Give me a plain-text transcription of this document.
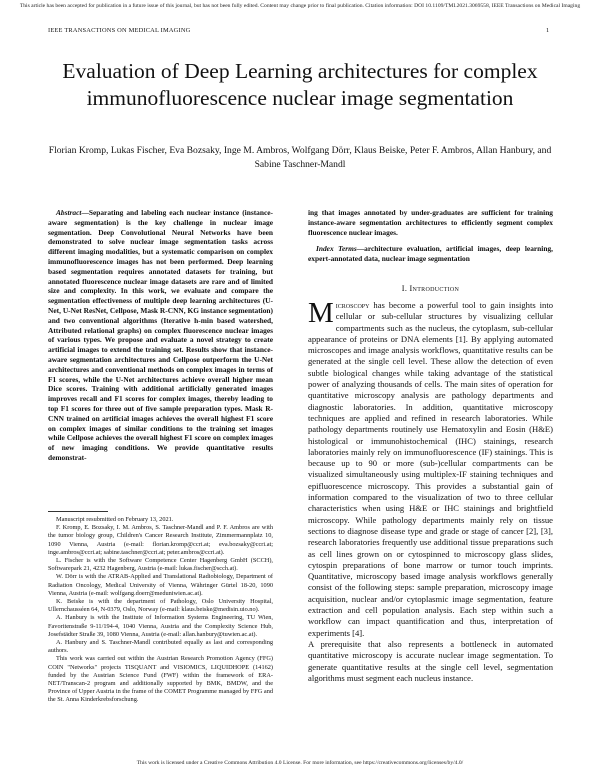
This article has been accepted for publication in a future issue of this journal, but has not been fully edited. Content may change prior to final publication. Citation information: DOI 10.1109/TMI.2021.3069558, IEEE Transactions on Medical Imaging
IEEE TRANSACTIONS ON MEDICAL IMAGING	1
Evaluation of Deep Learning architectures for complex immunofluorescence nuclear image segmentation
Florian Kromp, Lukas Fischer, Eva Bozsaky, Inge M. Ambros, Wolfgang Dörr, Klaus Beiske, Peter F. Ambros, Allan Hanbury, and Sabine Taschner-Mandl
Abstract—Separating and labeling each nuclear instance (instance-aware segmentation) is the key challenge in nuclear image segmentation. Deep Convolutional Neural Networks have been demonstrated to solve nuclear image segmentation tasks across different imaging modalities, but a systematic comparison on complex immunofluorescence images has not been performed. Deep learning based segmentation requires annotated datasets for training, but annotated fluorescence nuclear image datasets are rare and of limited size and complexity. In this work, we evaluate and compare the segmentation effectiveness of multiple deep learning architectures (U-Net, U-Net ResNet, Cellpose, Mask R-CNN, KG instance segmentation) and two conventional algorithms (Iterative h-min based watershed, Attributed relational graphs) on complex fluorescence nuclear images of various types. We propose and evaluate a novel strategy to create artificial images to extend the training set. Results show that instance-aware segmentation architectures and Cellpose outperform the U-Net architectures and conventional methods on complex images in terms of F1 scores, while the U-Net architectures achieve overall higher mean Dice scores. Training with additional artificially generated images improves recall and F1 scores for complex images, thereby leading to top F1 scores for three out of five sample preparation types. Mask R-CNN trained on artificial images achieves the overall highest F1 score on complex images of similar conditions to the training set images while Cellpose achieves the overall highest F1 score on complex images of new imaging conditions. We provide quantitative results demonstrat-

Manuscript resubmitted on February 13, 2021.

F. Kromp, E. Bozsaky, I. M. Ambros, S. Taschner-Mandl and P. F. Ambros are with the tumor biology group, Children's Cancer Research Institute, Zimmermannplatz 10, 1090 Vienna, Austria (e-mail: florian.kromp@ccri.at; eva.bozsaky@ccri.at; inge.ambros@ccri.at; sabine.taschner@ccri.at; peter.ambros@ccri.at).

L. Fischer is with the Software Competence Center Hagenberg GmbH (SCCH), Softwarepark 21, 4232 Hagenberg, Austria (e-mail: lukas.fischer@scch.at).

W. Dörr is with the ATRAB-Applied and Translational Radiobiology, Department of Radiation Oncology, Medical University of Vienna, Währinger Gürtel 18-20, 1090 Vienna, Austria (e-mail: wolfgang.doerr@meduniwien.ac.at).

K. Beiske is with the department of Pathology, Oslo University Hospital, Ullernchausséen 64, N-0379, Oslo, Norway (e-mail: klaus.beiske@medisin.uio.no).

A. Hanbury is with the Institute of Information Systems Engineering, TU Wien, Favoritenstraße 9-11/194-4, 1040 Vienna, Austria and the Complexity Science Hub, Josefstädter Straße 39, 1080 Vienna, Austria (e-mail: allan.hanbury@tuwien.ac.at).

A. Hanbury and S. Taschner-Mandl contributed equally as last and corresponding authors.

This work was carried out within the Austrian Research Promotion Agency (FFG) COIN "Networks" projects TISQUANT and VISIOMICS, LIQUIDHOPE (14162) funded by the Austrian Science Fund (FWF) within the framework of ERA-NET/Transcan-2 program and additionally supported by BMK, BMDW, and the Province of Upper Austria in the frame of the COMET Programme managed by FFG and the St. Anna Kinderkrebsforschung.

ing that images annotated by under-graduates are sufficient for training instance-aware segmentation architectures to efficiently segment complex fluorescence nuclear images.
Index Terms—architecture evaluation, artificial images, deep learning, expert-annotated data, nuclear image segmentation
I. Introduction

Microscopy has become a powerful tool to gain insights into cellular or sub-cellular structures by visualizing cellular compartments such as the nucleus, the cytoplasm, sub-cellular appearance of proteins or DNA elements [1]. By applying automated microscopes and image analysis workflows, quantitative results can be generated at the single cell level. These allow the detection of even subtle biological changes while taking advantage of the statistical power of analyzing thousands of cells. The main sites of operation for quantitative microscopy analysis are pathology departments and diagnostic laboratories. In addition, quantitative microscopy techniques are applied and refined in research laboratories. While pathology departments routinely use Hematoxylin and Eosin (H&E) histological or immunohistochemical (IHC) stainings, research laboratories mainly rely on immunofluorescence (IF) stainings. This is because up to 90 or more (sub-)cellular compartments can be visualized simultaneously using multiplex-IF staining techniques and epifluorescence microscopy. This provides a substantial gain of information compared to the visualization of two to three cellular characteristics when using H&E or IHC stainings and brightfield microscopy. While pathology departments mainly rely on tissue sections to diagnose disease type and grade or stage of cancer [2], [3], research laboratories frequently use additional tissue preparations such as cell lines grown on or cytospinned to microscopy glass slides, cytospin preparations of bone marrow or tumor touch imprints. Quantitative, microscopy based image analysis workflows generally consist of the following steps: sample preparation, microscopy image acquisition, nuclear and/or cytoplasmic image segmentation, feature extraction and cell population analysis. Each step within such a workflow can impact quantification and thus, interpretation of experiments [4].

A prerequisite that also represents a bottleneck in automated quantitative microscopy is accurate nuclear image segmentation. To generate quantitative results at the single cell level, segmentation algorithms must segment each nucleus instance.

This work is licensed under a Creative Commons Attribution 4.0 License. For more information, see https://creativecommons.org/licenses/by/4.0/
